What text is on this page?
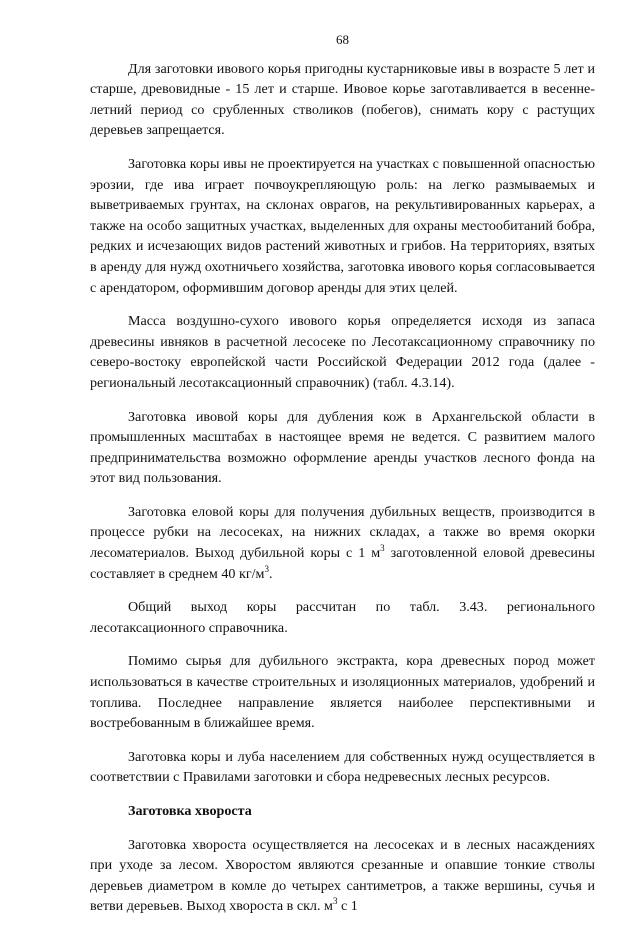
68

Для заготовки ивового корья пригодны кустарниковые ивы в возрасте 5 лет и старше, древовидные - 15 лет и старше. Ивовое корье заготавливается в весенне-летний период со срубленных стволиков (побегов), снимать кору с растущих деревьев запрещается.

Заготовка коры ивы не проектируется на участках с повышенной опасностью эрозии, где ива играет почвоукрепляющую роль: на легко размываемых и выветриваемых грунтах, на склонах оврагов, на рекультивированных карьерах, а также на особо защитных участках, выделенных для охраны местообитаний бобра, редких и исчезающих видов растений животных и грибов. На территориях, взятых в аренду для нужд охотничьего хозяйства, заготовка ивового корья согласовывается с арендатором, оформившим договор аренды для этих целей.

Масса воздушно-сухого ивового корья определяется исходя из запаса древесины ивняков в расчетной лесосеке по Лесотаксационному справочнику по северо-востоку европейской части Российской Федерации 2012 года (далее - региональный лесотаксационный справочник) (табл. 4.3.14).

Заготовка ивовой коры для дубления кож в Архангельской области в промышленных масштабах в настоящее время не ведется. С развитием малого предпринимательства возможно оформление аренды участков лесного фонда на этот вид пользования.

Заготовка еловой коры для получения дубильных веществ, производится в процессе рубки на лесосеках, на нижних складах, а также во время окорки лесоматериалов. Выход дубильной коры с 1 $м^3$ заготовленной еловой древесины составляет в среднем 40 $кг/м^3$.

Общий выход коры рассчитан по табл. 3.43. регионального лесотаксационного справочника.

Помимо сырья для дубильного экстракта, кора древесных пород может использоваться в качестве строительных и изоляционных материалов, удобрений и топлива. Последнее направление является наиболее перспективными и востребованным в ближайшее время.

Заготовка коры и луба населением для собственных нужд осуществляется в соответствии с Правилами заготовки и сбора недревесных лесных ресурсов.

Заготовка хвороста

Заготовка хвороста осуществляется на лесосеках и в лесных насаждениях при уходе за лесом. Хворостом являются срезанные и опавшие тонкие стволы деревьев диаметром в комле до четырех сантиметров, а также вершины, сучья и ветви деревьев. Выход хвороста в скл. $м^3$ с 1
